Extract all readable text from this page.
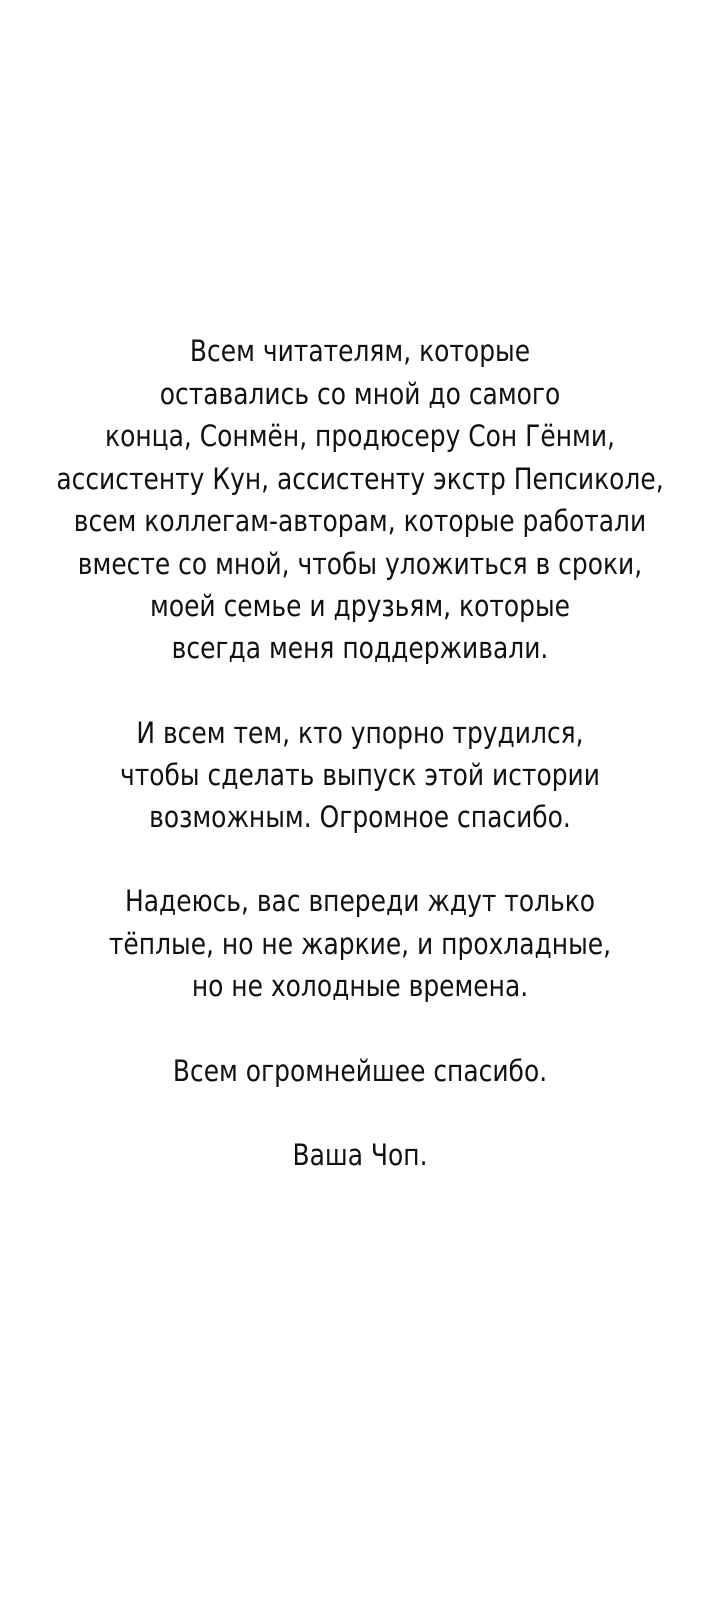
Всем читателям, которые
оставались со мной до самого
конца, Сонмён, продюсеру Сон Гёнми,
ассистенту Кун, ассистенту экстр Пепсиколе,
всем коллегам-авторам, которые работали
вместе со мной, чтобы уложиться в сроки,
моей семье и друзьям, которые
всегда меня поддерживали.
И всем тем, кто упорно трудился,
чтобы сделать выпуск этой истории
возможным. Огромное спасибо.
Надеюсь, вас впереди ждут только
тёплые, но не жаркие, и прохладные,
но не холодные времена.
Всем огромнейшее спасибо.
Ваша Чоп.
